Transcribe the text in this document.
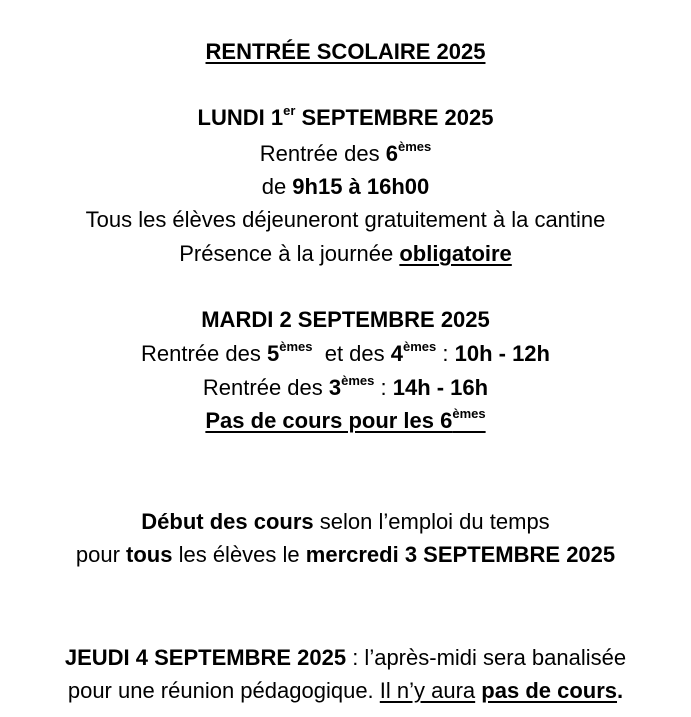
RENTRÉE SCOLAIRE 2025
LUNDI 1er SEPTEMBRE 2025
Rentrée des 6èmes
de 9h15 à 16h00
Tous les élèves déjeuneront gratuitement à la cantine
Présence à la journée obligatoire
MARDI 2 SEPTEMBRE 2025
Rentrée des 5èmes  et des 4èmes : 10h - 12h
Rentrée des 3èmes : 14h - 16h
Pas de cours pour les 6èmes
Début des cours selon l’emploi du temps
pour tous les élèves le mercredi 3 SEPTEMBRE 2025
JEUDI 4 SEPTEMBRE 2025 : l’après-midi sera banalisée
pour une réunion pédagogique. Il n’y aura pas de cours.
